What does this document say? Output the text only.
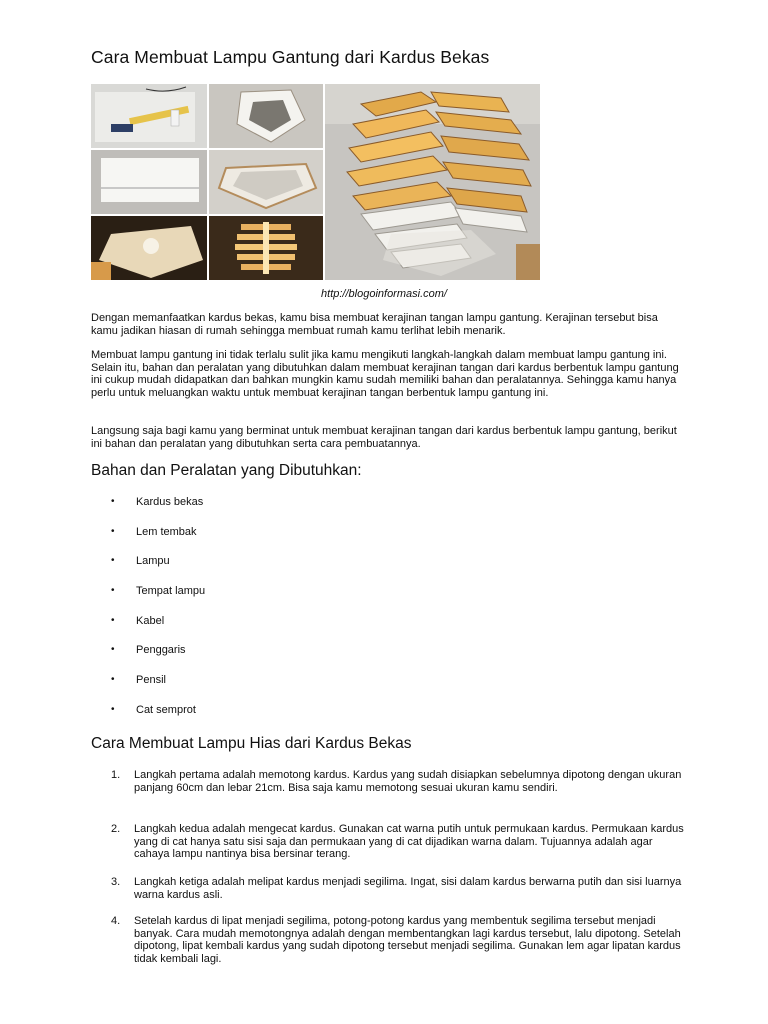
Cara Membuat Lampu Gantung dari Kardus Bekas
http://blogoinformasi.com/

Dengan memanfaatkan kardus bekas, kamu bisa membuat kerajinan tangan lampu gantung. Kerajinan tersebut bisa kamu jadikan hiasan di rumah sehingga membuat rumah kamu terlihat lebih menarik.

Membuat lampu gantung ini tidak terlalu sulit jika kamu mengikuti langkah-langkah dalam membuat lampu gantung ini. Selain itu, bahan dan peralatan yang dibutuhkan dalam membuat kerajinan tangan dari kardus berbentuk lampu gantung ini cukup mudah didapatkan dan bahkan mungkin kamu sudah memiliki bahan dan peralatannya. Sehingga kamu hanya perlu untuk meluangkan waktu untuk membuat kerajinan tangan berbentuk lampu gantung ini.

Langsung saja bagi kamu yang berminat untuk membuat kerajinan tangan dari kardus berbentuk lampu gantung, berikut ini bahan dan peralatan yang dibutuhkan serta cara pembuatannya.

Bahan dan Peralatan yang Dibutuhkan:
• Kardus bekas
• Lem tembak
• Lampu
• Tempat lampu
• Kabel
• Penggaris
• Pensil
• Cat semprot
Cara Membuat Lampu Hias dari Kardus Bekas
1. Langkah pertama adalah memotong kardus. Kardus yang sudah disiapkan sebelumnya dipotong dengan ukuran panjang 60cm dan lebar 21cm. Bisa saja kamu memotong sesuai ukuran kamu sendiri.
2. Langkah kedua adalah mengecat kardus. Gunakan cat warna putih untuk permukaan kardus. Permukaan kardus yang di cat hanya satu sisi saja dan permukaan yang di cat dijadikan warna dalam. Tujuannya adalah agar cahaya lampu nantinya bisa bersinar terang.
3. Langkah ketiga adalah melipat kardus menjadi segilima. Ingat, sisi dalam kardus berwarna putih dan sisi luarnya warna kardus asli.
4. Setelah kardus di lipat menjadi segilima, potong-potong kardus yang membentuk segilima tersebut menjadi banyak. Cara mudah memotongnya adalah dengan membentangkan lagi kardus tersebut, lalu dipotong. Setelah dipotong, lipat kembali kardus yang sudah dipotong tersebut menjadi segilima. Gunakan lem agar lipatan kardus tidak kembali lagi.
